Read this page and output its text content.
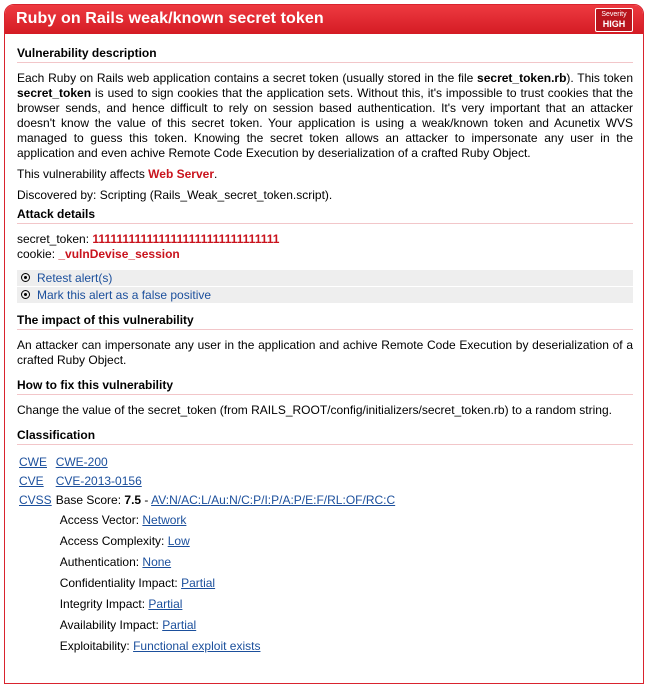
Ruby on Rails weak/known secret token	Severity
HIGH
Vulnerability description

Each Ruby on Rails web application contains a secret token (usually stored in the file secret_token.rb). This token secret_token is used to sign cookies that the application sets. Without this, it's impossible to trust cookies that the browser sends, and hence difficult to rely on session based authentication. It's very important that an attacker doesn't know the value of this secret token. Your application is using a weak/known token and Acunetix WVS managed to guess this token. Knowing the secret token allows an attacker to impersonate any user in the application and even achive Remote Code Execution by deserialization of a crafted Ruby Object.

This vulnerability affects Web Server.

Discovered by: Scripting (Rails_Weak_secret_token.script).

Attack details
secret_token: 1111111111111111111111111111111
cookie: _vulnDevise_session
Retest alert(s)
Mark this alert as a false positive
The impact of this vulnerability

An attacker can impersonate any user in the application and achive Remote Code Execution by deserialization of a crafted Ruby Object.

How to fix this vulnerability

Change the value of the secret_token (from RAILS_ROOT/config/initializers/secret_token.rb) to a random string.

Classification
CWE	CWE-200
CVE	CVE-2013-0156
CVSS	Base Score: 7.5 - AV:N/AC:L/Au:N/C:P/I:P/A:P/E:F/RL:OF/RC:C
Access Vector: Network
Access Complexity: Low
Authentication: None
Confidentiality Impact: Partial
Integrity Impact: Partial
Availability Impact: Partial
Exploitability: Functional exploit exists
